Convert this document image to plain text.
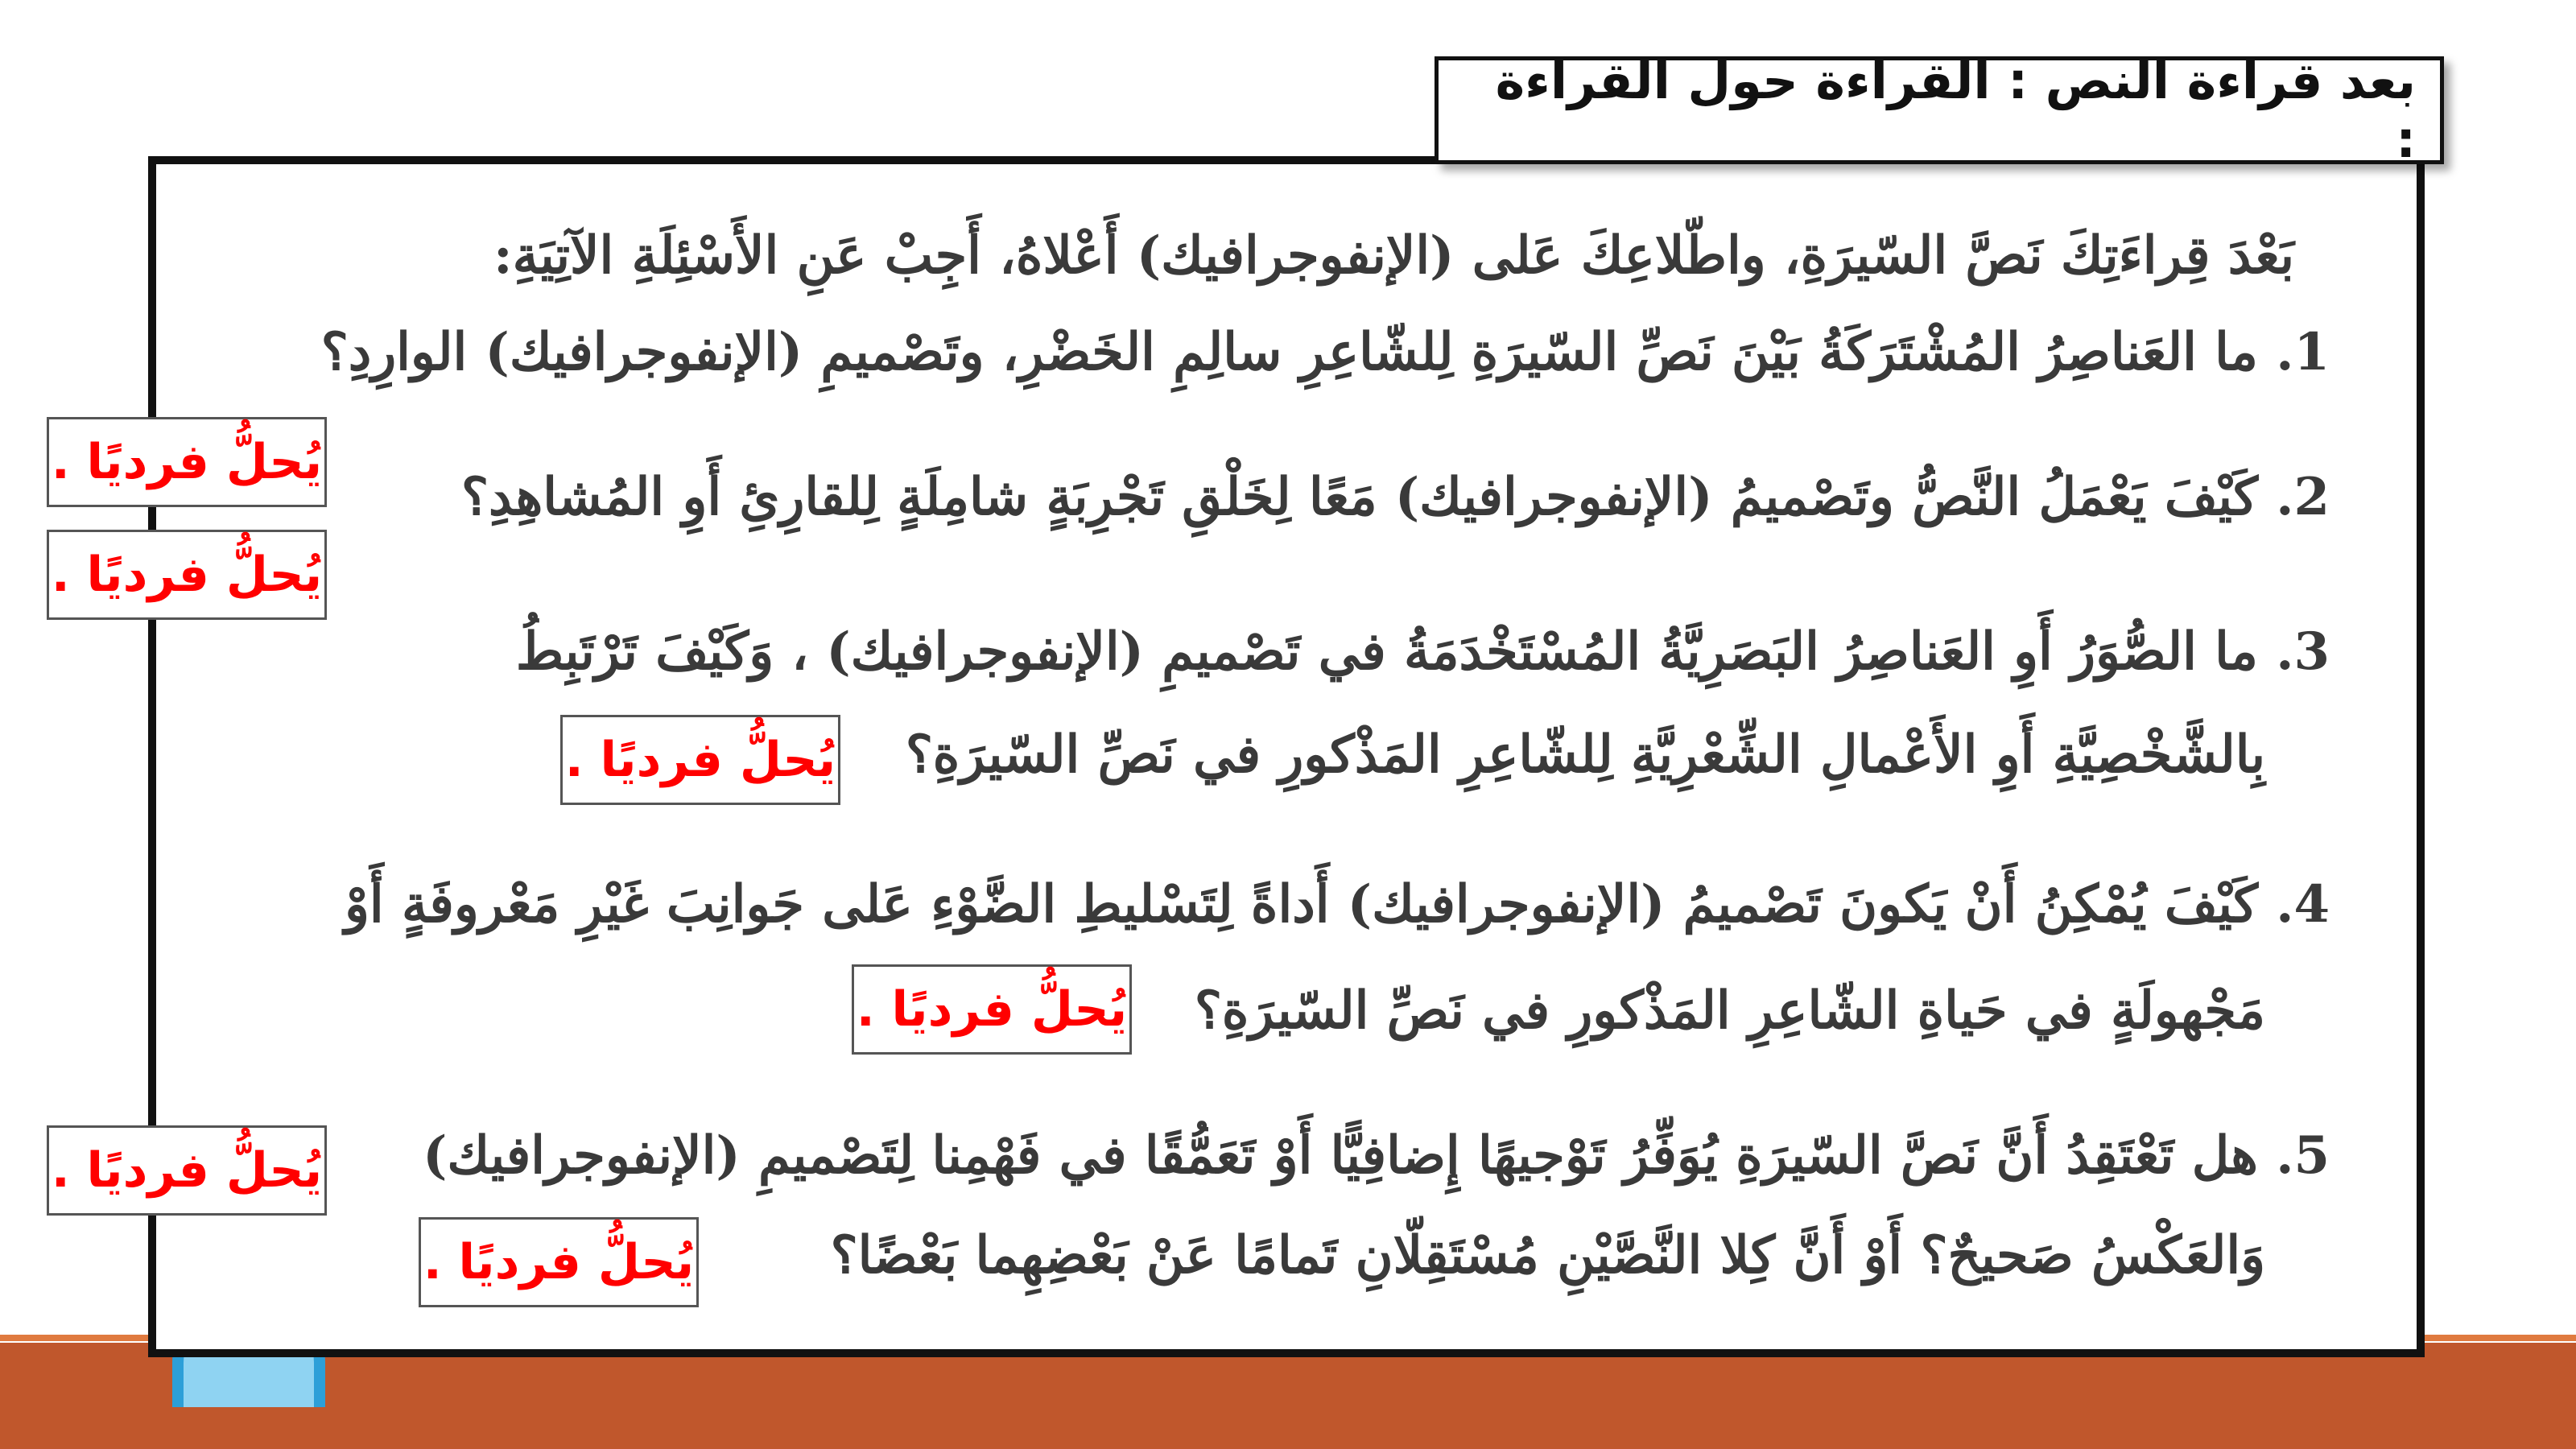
بعد قراءة النص : القراءة حول القراءة :
بَعْدَ قِراءَتِكَ نَصَّ السّيرَةِ، واطّلاعِكَ عَلى (الإنفوجرافيك) أَعْلاهُ، أَجِبْ عَنِ الأَسْئِلَةِ الآتِيَةِ:
1. ما العَناصِرُ المُشْتَرَكَةُ بَيْنَ نَصِّ السّيرَةِ لِلشّاعِرِ سالِمِ الخَضْرِ، وتَصْميمِ (الإنفوجرافيك) الوارِدِ؟
2. كَيْفَ يَعْمَلُ النَّصُّ وتَصْميمُ (الإنفوجرافيك) مَعًا لِخَلْقِ تَجْرِبَةٍ شامِلَةٍ لِلقارِئِ أَوِ المُشاهِدِ؟
3. ما الصُّوَرُ أَوِ العَناصِرُ البَصَرِيَّةُ المُسْتَخْدَمَةُ في تَصْميمِ (الإنفوجرافيك) ، وَكَيْفَ تَرْتَبِطُ
بِالشَّخْصِيَّةِ أَوِ الأَعْمالِ الشِّعْرِيَّةِ لِلشّاعِرِ المَذْكورِ في نَصِّ السّيرَةِ؟
4. كَيْفَ يُمْكِنُ أَنْ يَكونَ تَصْميمُ (الإنفوجرافيك) أَداةً لِتَسْليطِ الضَّوْءِ عَلى جَوانِبَ غَيْرِ مَعْروفَةٍ أَوْ
مَجْهولَةٍ في حَياةِ الشّاعِرِ المَذْكورِ في نَصِّ السّيرَةِ؟
5. هل تَعْتَقِدُ أَنَّ نَصَّ السّيرَةِ يُوَفِّرُ تَوْجيهًا إِضافِيًّا أَوْ تَعَمُّقًا في فَهْمِنا لِتَصْميمِ (الإنفوجرافيك)
وَالعَكْسُ صَحيحٌ؟ أَوْ أَنَّ كِلا النَّصَّيْنِ مُسْتَقِلّانِ تَمامًا عَنْ بَعْضِهِما بَعْضًا؟
يُحلُّ فرديًا .
يُحلُّ فرديًا .
يُحلُّ فرديًا .
يُحلُّ فرديًا .
يُحلُّ فرديًا .
يُحلُّ فرديًا .
